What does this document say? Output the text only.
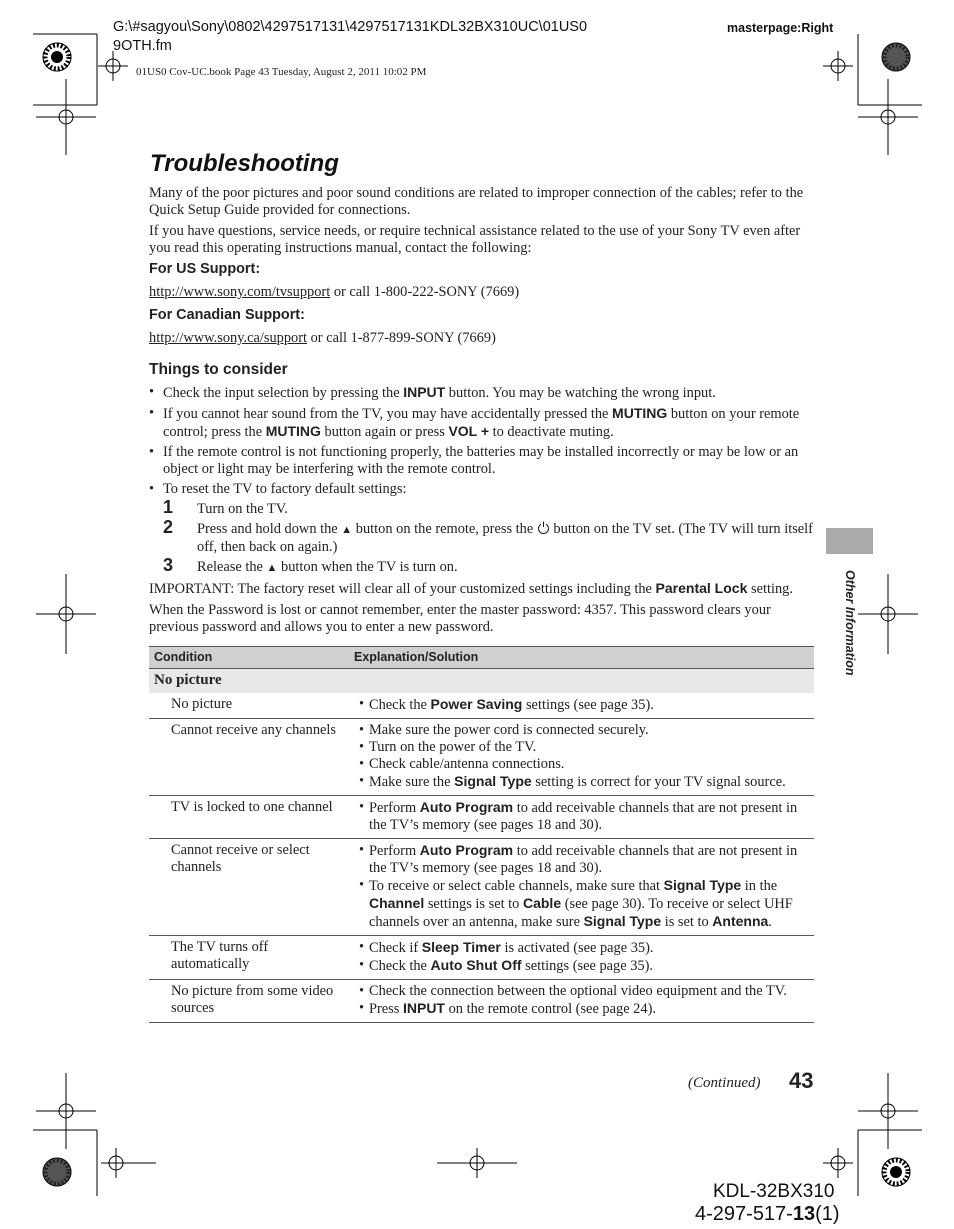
G:\#sagyou\Sony\0802\4297517131\4297517131KDL32BX310UC\01US0 9OTH.fm
masterpage:Right
01US0 Cov-UC.book Page 43 Tuesday, August 2, 2011 10:02 PM
Troubleshooting

Many of the poor pictures and poor sound conditions are related to improper connection of the cables; refer to the Quick Setup Guide provided for connections.

If you have questions, service needs, or require technical assistance related to the use of your Sony TV even after you read this operating instructions manual, contact the following:

For US Support:

http://www.sony.com/tvsupport or call 1-800-222-SONY (7669)

For Canadian Support:

http://www.sony.ca/support or call 1-877-899-SONY (7669)

Things to consider
• Check the input selection by pressing the INPUT button. You may be watching the wrong input.
• If you cannot hear sound from the TV, you may have accidentally pressed the MUTING button on your remote control; press the MUTING button again or press VOL + to deactivate muting.
• If the remote control is not functioning properly, the batteries may be installed incorrectly or may be low or an object or light may be interfering with the remote control.
• To reset the TV to factory default settings:
1 Turn on the TV.
2 Press and hold down the ▲ button on the remote, press the  button on the TV set. (The TV will turn itself off, then back on again.)
3 Release the ▲ button when the TV is turn on.

IMPORTANT: The factory reset will clear all of your customized settings including the Parental Lock setting.

When the Password is lost or cannot remember, enter the master password: 4357. This password clears your previous password and allows you to enter a new password.

Condition	Explanation/Solution
No picture	
No picture	• Check the Power Saving settings (see page 35).

Cannot receive any channels	• Make sure the power cord is connected securely.
• Turn on the power of the TV.
• Check cable/antenna connections.
• Make sure the Signal Type setting is correct for your TV signal source.

TV is locked to one channel	• Perform Auto Program to add receivable channels that are not present in the TV’s memory (see pages 18 and 30).

Cannot receive or select channels	• Perform Auto Program to add receivable channels that are not present in the TV’s memory (see pages 18 and 30).
• To receive or select cable channels, make sure that Signal Type in the Channel settings is set to Cable (see page 30). To receive or select UHF channels over an antenna, make sure Signal Type is set to Antenna.

The TV turns off automatically	• Check if Sleep Timer is activated (see page 35).
• Check the Auto Shut Off settings (see page 35).

No picture from some video sources	• Check the connection between the optional video equipment and the TV.
• Press INPUT on the remote control (see page 24).
Other Information
(Continued) 43
KDL-32BX310
4-297-517-13(1)
